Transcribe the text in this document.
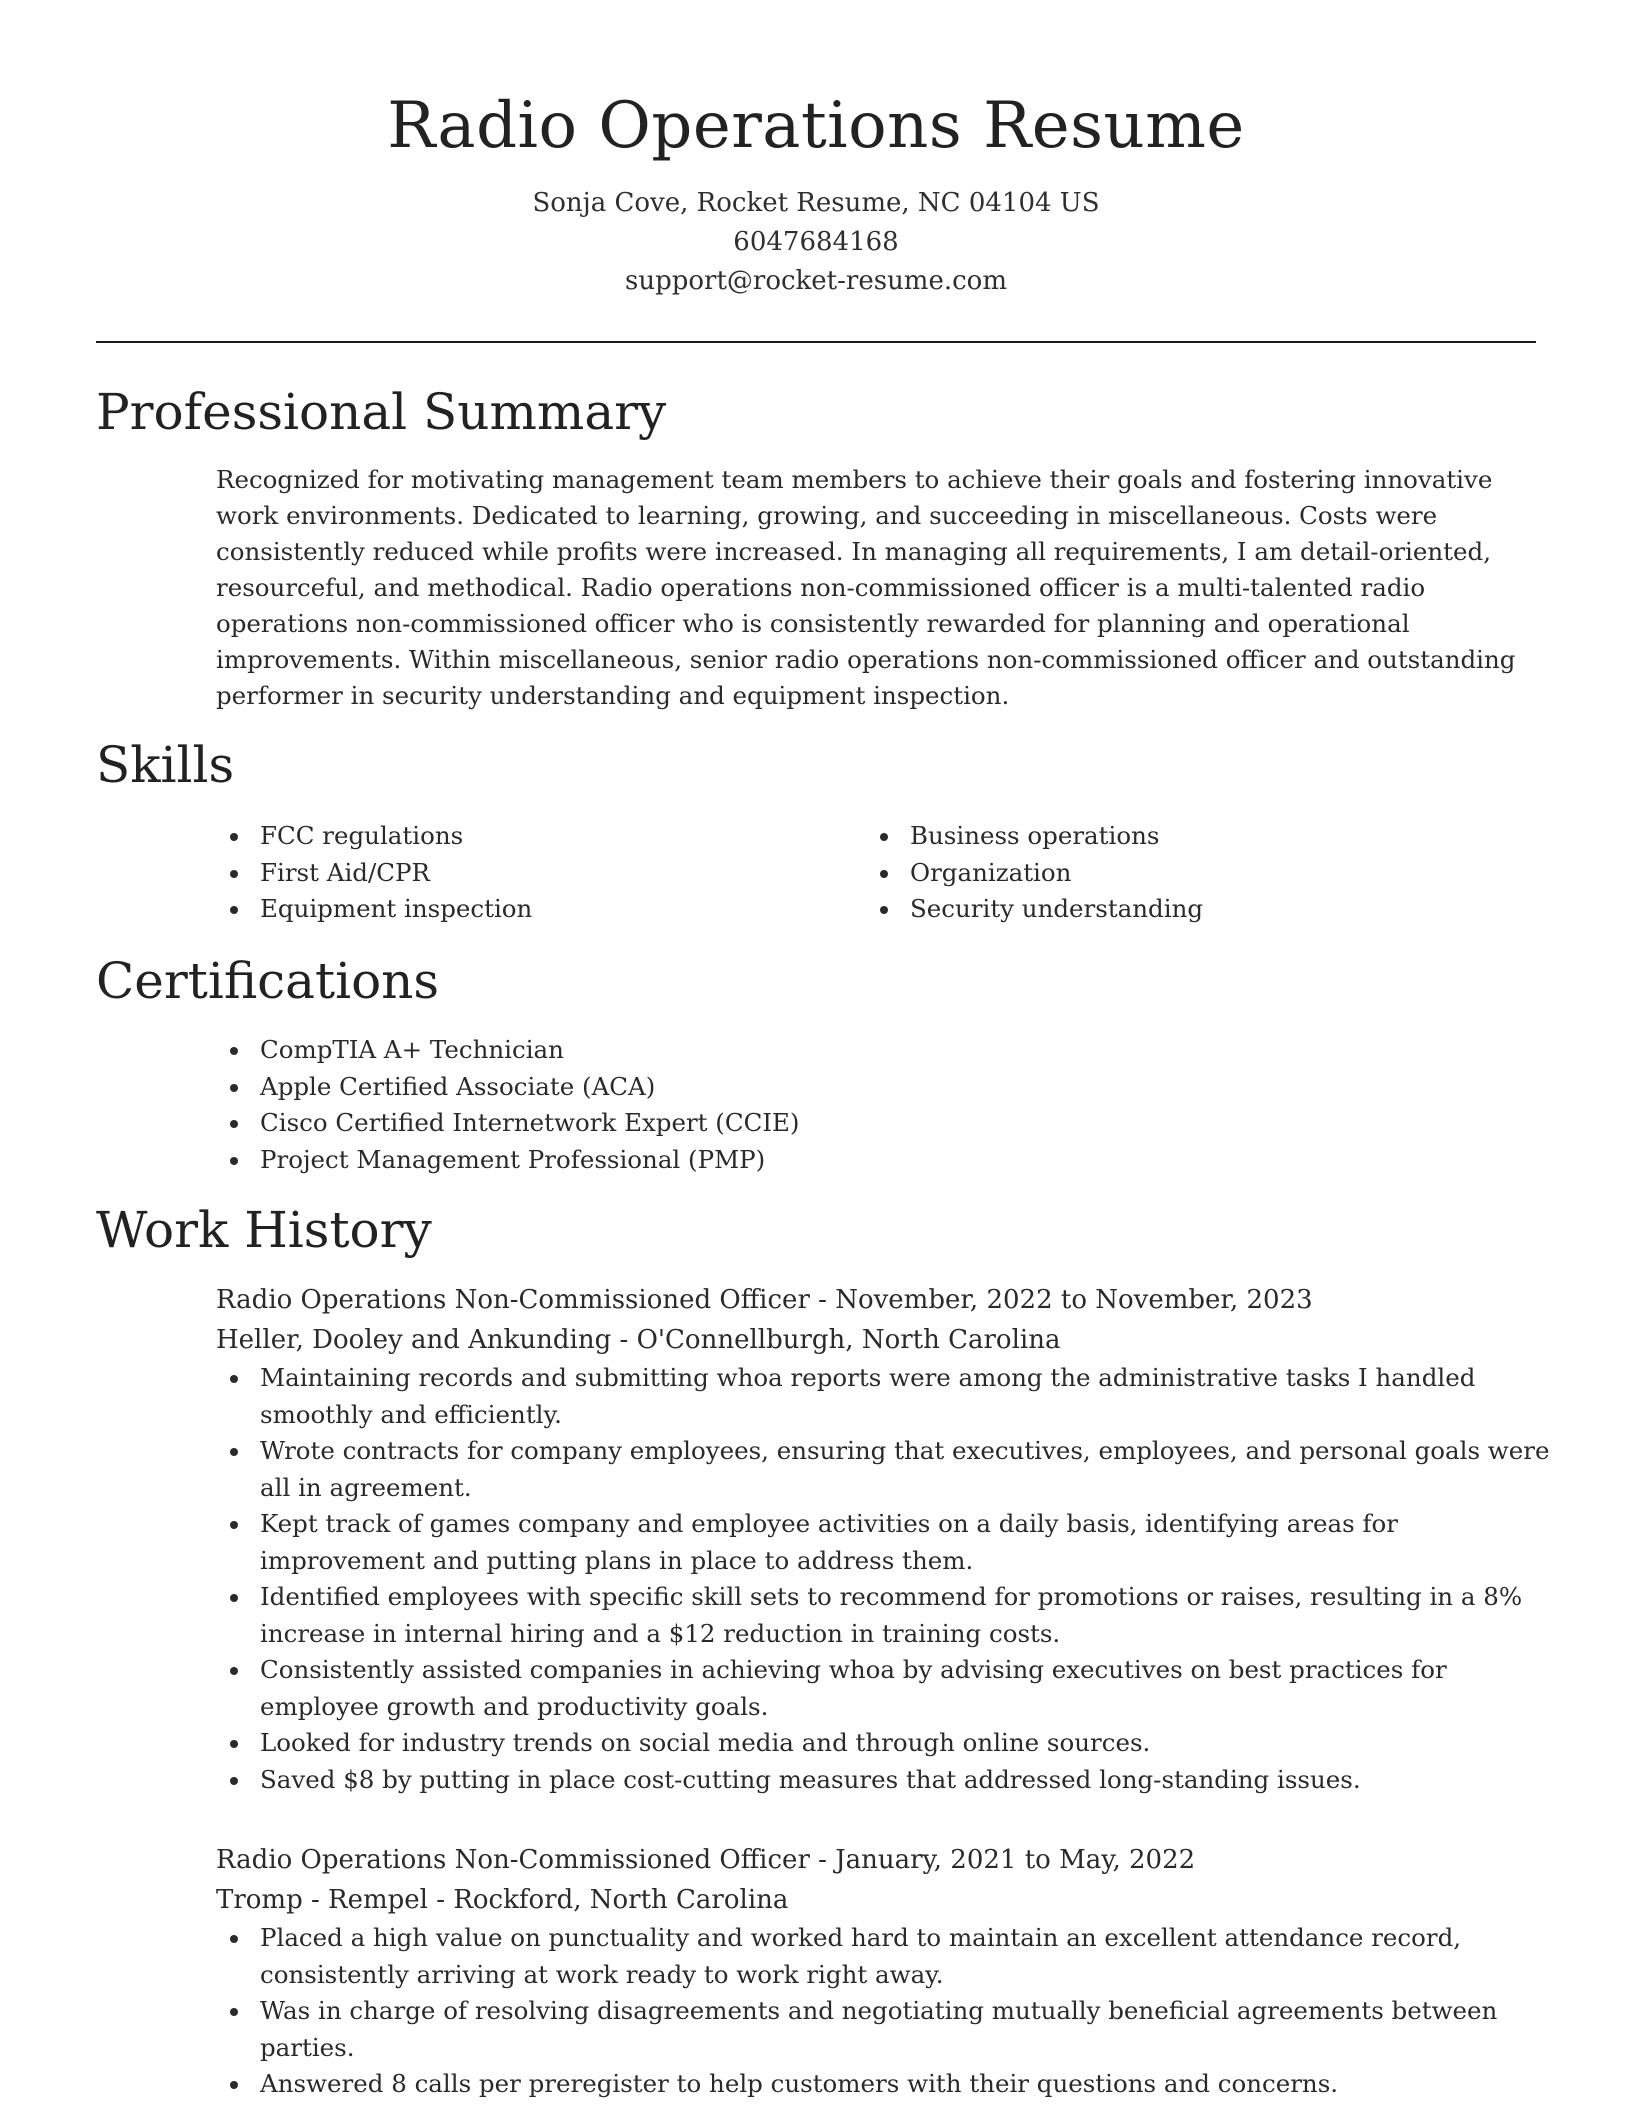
Radio Operations Resume

Sonja Cove, Rocket Resume, NC 04104 US

6047684168

support@rocket-resume.com

Professional Summary

Recognized for motivating management team members to achieve their goals and fostering innovative work environments. Dedicated to learning, growing, and succeeding in miscellaneous. Costs were consistently reduced while profits were increased. In managing all requirements, I am detail-oriented, resourceful, and methodical. Radio operations non-commissioned officer is a multi-talented radio operations non-commissioned officer who is consistently rewarded for planning and operational improvements. Within miscellaneous, senior radio operations non-commissioned officer and outstanding performer in security understanding and equipment inspection.

Skills
FCC regulations
First Aid/CPR
Equipment inspection
Business operations
Organization
Security understanding
Certifications
CompTIA A+ Technician
Apple Certified Associate (ACA)
Cisco Certified Internetwork Expert (CCIE)
Project Management Professional (PMP)
Work History

Radio Operations Non-Commissioned Officer - November, 2022 to November, 2023

Heller, Dooley and Ankunding - O'Connellburgh, North Carolina

Maintaining records and submitting whoa reports were among the administrative tasks I handled smoothly and efficiently.
Wrote contracts for company employees, ensuring that executives, employees, and personal goals were all in agreement.
Kept track of games company and employee activities on a daily basis, identifying areas for improvement and putting plans in place to address them.
Identified employees with specific skill sets to recommend for promotions or raises, resulting in a 8% increase in internal hiring and a $12 reduction in training costs.
Consistently assisted companies in achieving whoa by advising executives on best practices for employee growth and productivity goals.
Looked for industry trends on social media and through online sources.
Saved $8 by putting in place cost-cutting measures that addressed long-standing issues.

Radio Operations Non-Commissioned Officer - January, 2021 to May, 2022

Tromp - Rempel - Rockford, North Carolina

Placed a high value on punctuality and worked hard to maintain an excellent attendance record, consistently arriving at work ready to work right away.
Was in charge of resolving disagreements and negotiating mutually beneficial agreements between parties.
Answered 8 calls per preregister to help customers with their questions and concerns.
